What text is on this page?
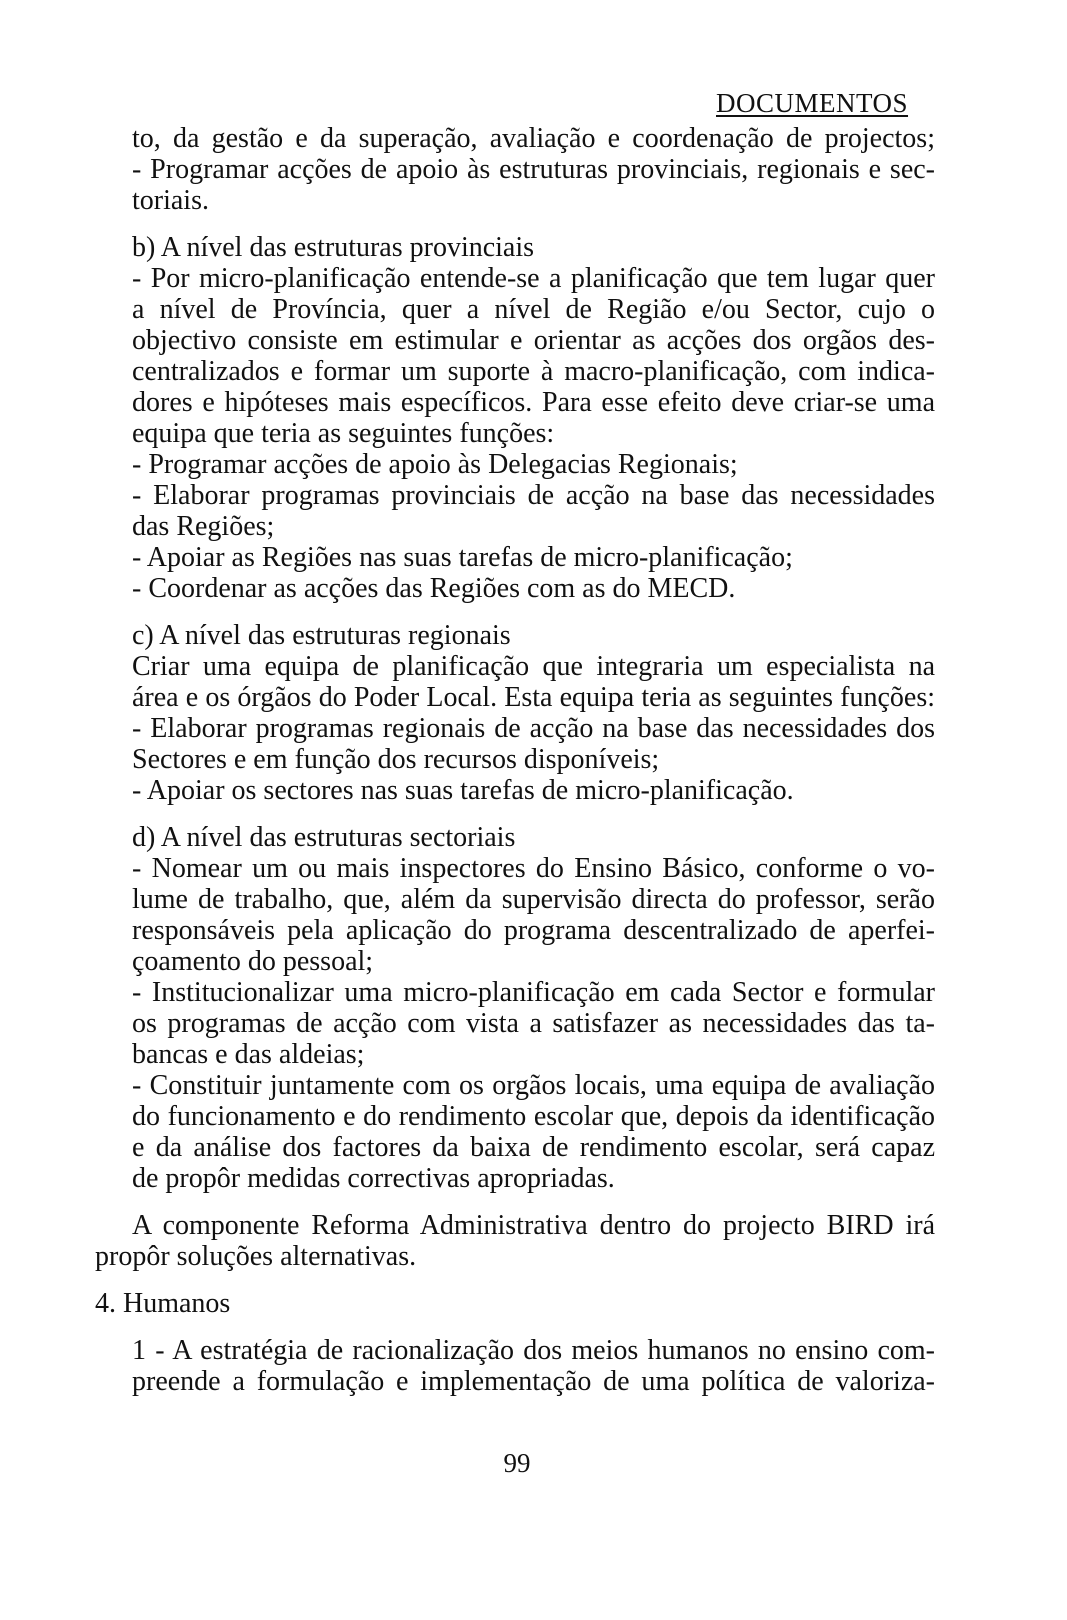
DOCUMENTOS
to, da gestão e da superação, avaliação e coordenação de projectos;
- Programar acções de apoio às estruturas provinciais, regionais e sec-
toriais.
b) A nível das estruturas provinciais
- Por micro-planificação entende-se a planificação que tem lugar quer
a nível de Província, quer a nível de Região e/ou Sector, cujo o
objectivo consiste em estimular e orientar as acções dos orgãos des-
centralizados e formar um suporte à macro-planificação, com indica-
dores e hipóteses mais específicos. Para esse efeito deve criar-se uma
equipa que teria as seguintes funções:
- Programar acções de apoio às Delegacias Regionais;
- Elaborar programas provinciais de acção na base das necessidades
das Regiões;
- Apoiar as Regiões nas suas tarefas de micro-planificação;
- Coordenar as acções das Regiões com as do MECD.
c) A nível das estruturas regionais
Criar uma equipa de planificação que integraria um especialista na
área e os órgãos do Poder Local. Esta equipa teria as seguintes funções:
- Elaborar programas regionais de acção na base das necessidades dos
Sectores e em função dos recursos disponíveis;
- Apoiar os sectores nas suas tarefas de micro-planificação.
d) A nível das estruturas sectoriais
- Nomear um ou mais inspectores do Ensino Básico, conforme o vo-
lume de trabalho, que, além da supervisão directa do professor, serão
responsáveis pela aplicação do programa descentralizado de aperfei-
çoamento do pessoal;
- Institucionalizar uma micro-planificação em cada Sector e formular
os programas de acção com vista a satisfazer as necessidades das ta-
bancas e das aldeias;
- Constituir juntamente com os orgãos locais, uma equipa de avaliação
do funcionamento e do rendimento escolar que, depois da identificação
e da análise dos factores da baixa de rendimento escolar, será capaz
de propôr medidas correctivas apropriadas.
A componente Reforma Administrativa dentro do projecto BIRD irá
propôr soluções alternativas.
4. Humanos
1 - A estratégia de racionalização dos meios humanos no ensino com-
preende a formulação e implementação de uma política de valoriza-
99
